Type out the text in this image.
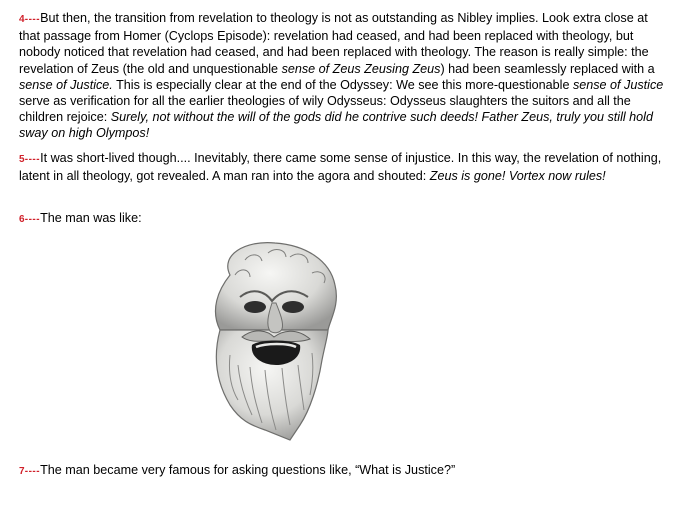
4----But then, the transition from revelation to theology is not as outstanding as Nibley implies. Look extra close at that passage from Homer (Cyclops Episode): revelation had ceased, and had been replaced with theology, but nobody noticed that revelation had ceased, and had been replaced with theology. The reason is really simple: the revelation of Zeus (the old and unquestionable sense of Zeus Zeusing Zeus) had been seamlessly replaced with a sense of Justice. This is especially clear at the end of the Odyssey: We see this more-questionable sense of Justice serve as verification for all the earlier theologies of wily Odysseus: Odysseus slaughters the suitors and all the children rejoice: Surely, not without the will of the gods did he contrive such deeds! Father Zeus, truly you still hold sway on high Olympos!

5----It was short-lived though.... Inevitably, there came some sense of injustice. In this way, the revelation of nothing, latent in all theology, got revealed. A man ran into the agora and shouted: Zeus is gone! Vortex now rules!

6----The man was like:

7----The man became very famous for asking questions like, “What is Justice?”
